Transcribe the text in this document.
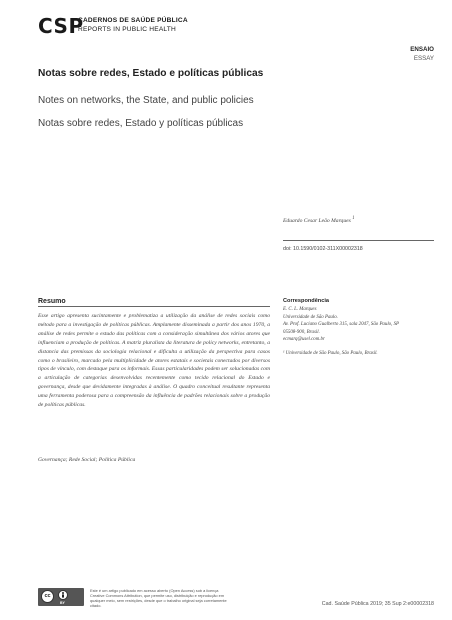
CSP
CADERNOS DE SAÚDE PÚBLICA
REPORTS IN PUBLIC HEALTH
ENSAIO
ESSAY
Notas sobre redes, Estado e políticas públicas
Notes on networks, the State, and public policies
Notas sobre redes, Estado y políticas públicas
Eduardo Cesar Leão Marques $^1$
doi: 10.1590/0102-311X00002318
Resumo
Esse artigo apresenta sucintamente e problematiza a utilização da análise de redes sociais como método para a investigação de políticas públicas. Amplamente disseminada a partir dos anos 1970, a análise de redes permite o estudo das políticas com a consideração simultânea dos vários atores que influenciam a produção de políticas. A matriz pluralista da literatura de policy networks, entretanto, a distancia das premissas da sociologia relacional e dificulta a utilização da perspectiva para casos como o brasileiro, marcado pela multiplicidade de atores estatais e societais conectados por diversos tipos de vínculo, com destaque para os informais. Essas particularidades podem ser solucionadas com a articulação de categorias desenvolvidas recentemente como tecido relacional do Estado e governança, desde que devidamente integradas à análise. O quadro conceitual resultante representa uma ferramenta poderosa para a compreensão da influência de padrões relacionais sobre a produção de políticas públicas.
Governança; Rede Social; Política Pública
Correspondência
E. C. L. Marques
Universidade de São Paulo.
Av. Prof. Luciano Gualberto 315, sala 2047, São Paulo, SP
05508-900, Brasil.
ecmarq@usel.com.br
¹ Universidade de São Paulo, São Paulo, Brasil.
cc
BY
Este é um artigo publicado em acesso aberto (Open Access) sob a licença Creative Commons Attribution, que permite uso, distribuição e reprodução em qualquer meio, sem restrições, desde que o trabalho original seja corretamente citado.	Cad. Saúde Pública 2019; 35 Sup 2:e00002318
